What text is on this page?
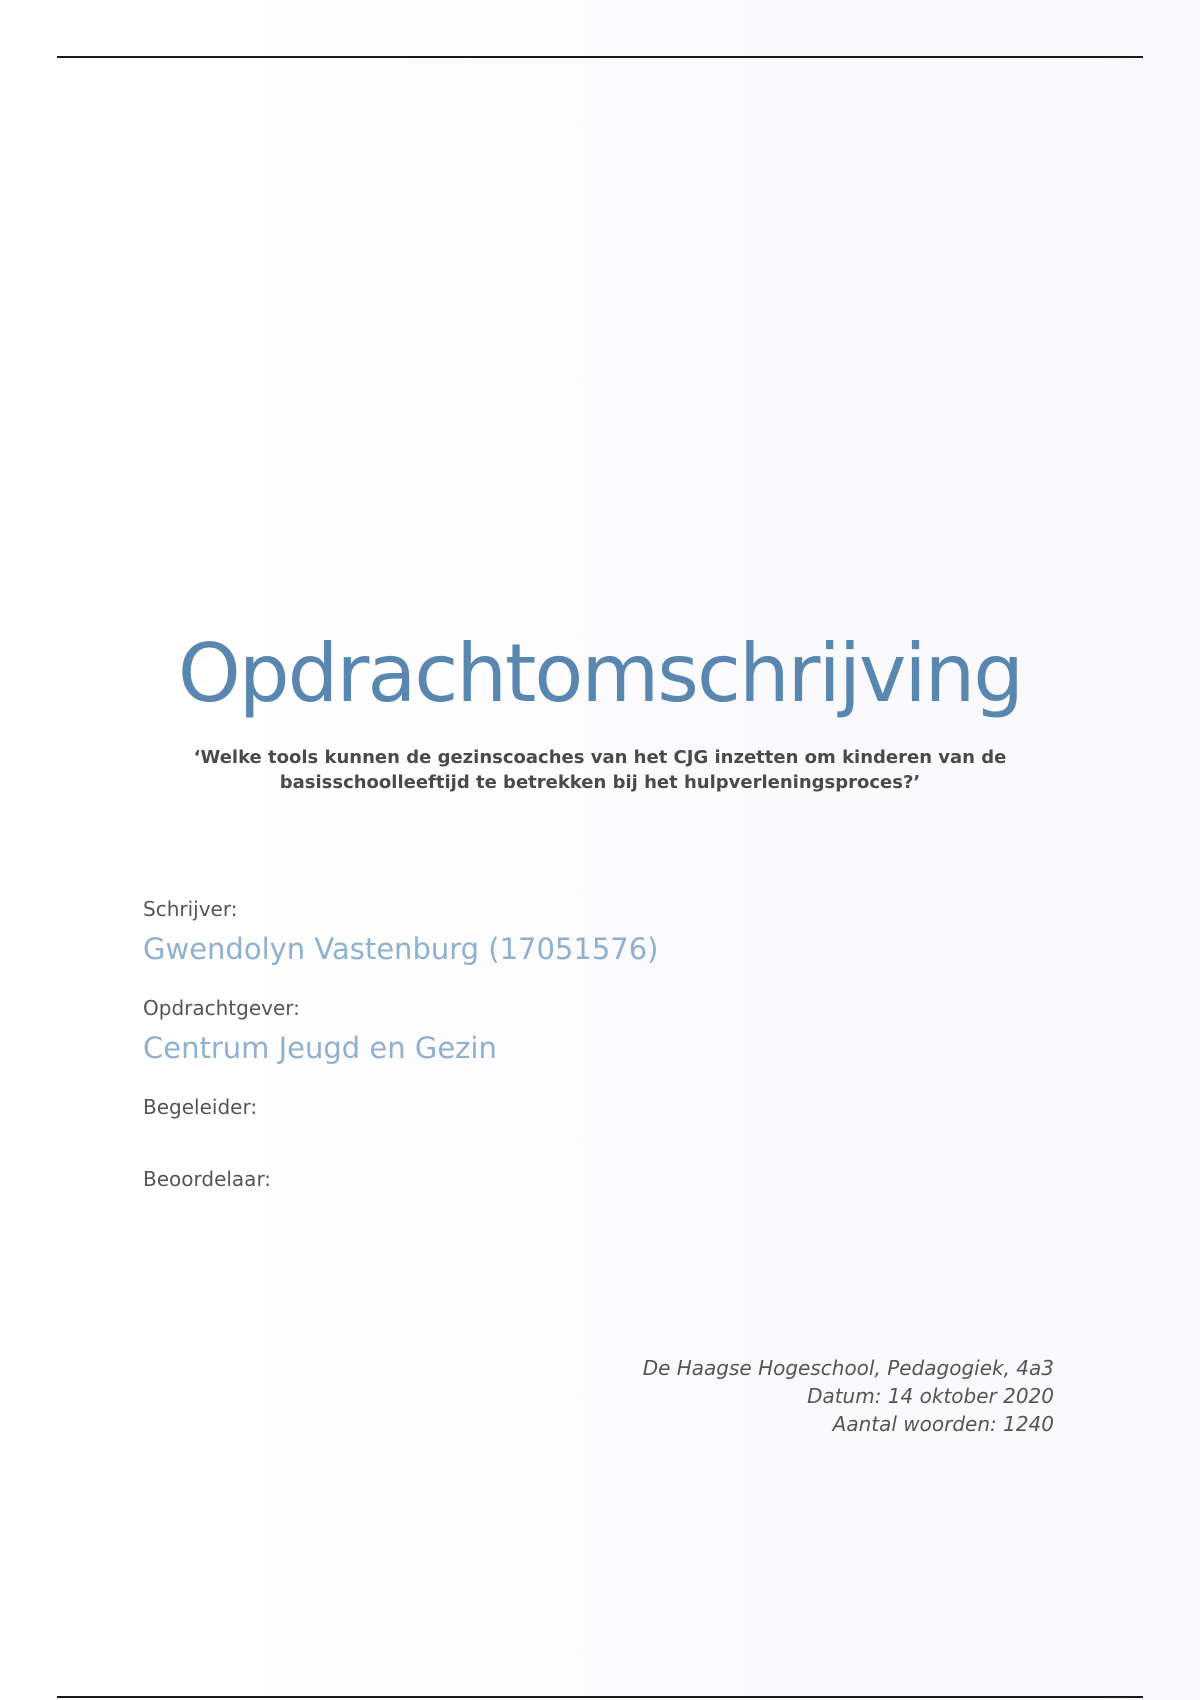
Opdrachtomschrijving
‘Welke tools kunnen de gezinscoaches van het CJG inzetten om kinderen van de
basisschoolleeftijd te betrekken bij het hulpverleningsproces?’
Schrijver:
Gwendolyn Vastenburg (17051576)
Opdrachtgever:
Centrum Jeugd en Gezin
Begeleider:
Beoordelaar:
De Haagse Hogeschool, Pedagogiek, 4a3
Datum: 14 oktober 2020
Aantal woorden: 1240
